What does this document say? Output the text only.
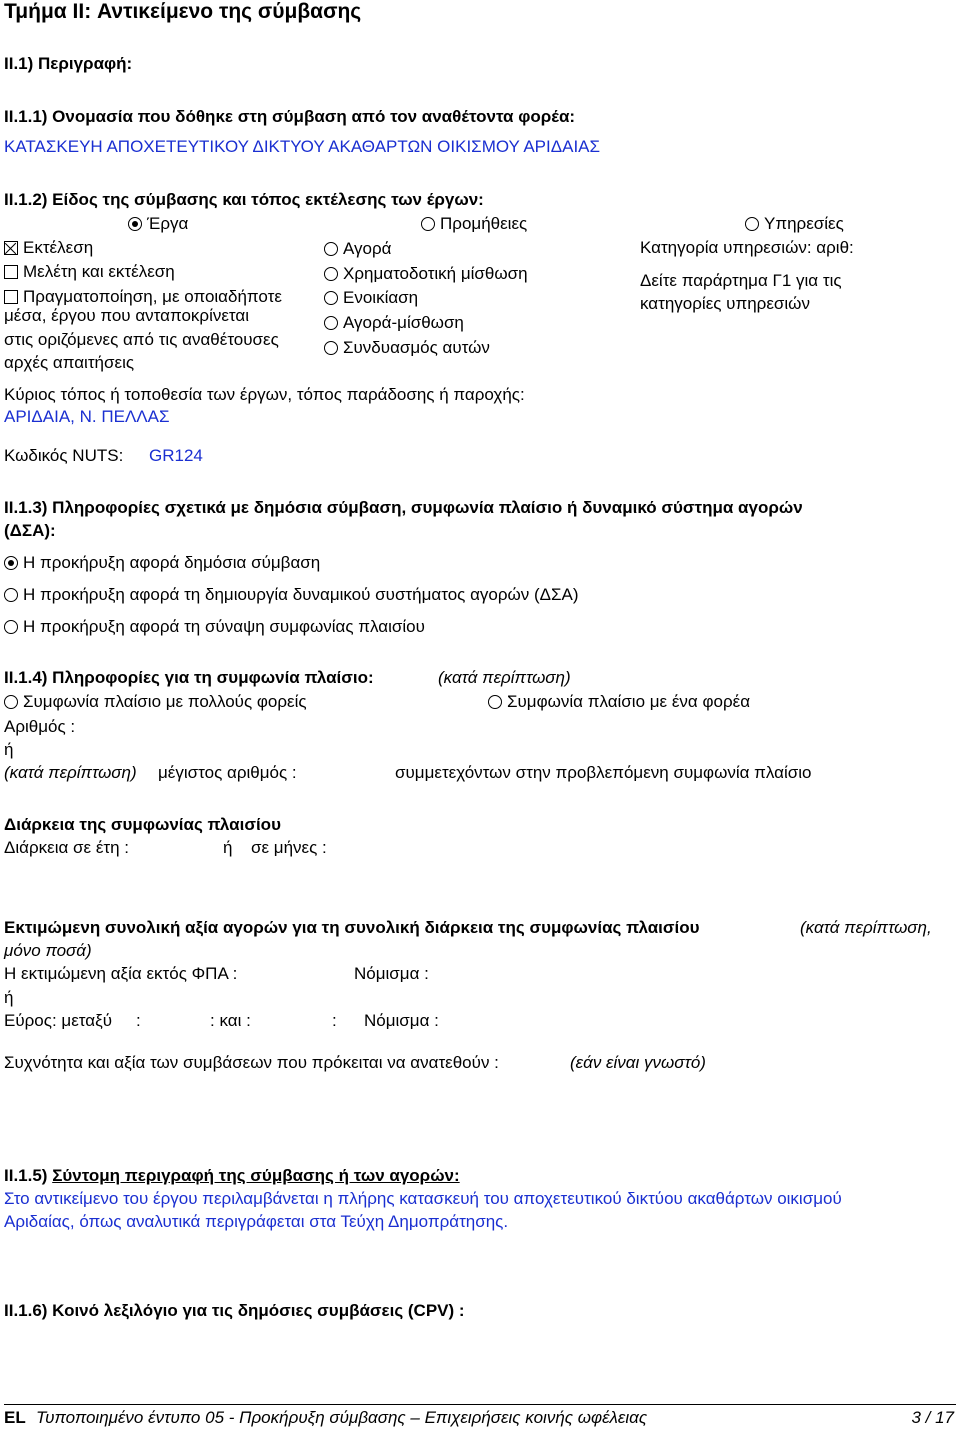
Τμήμα II: Αντικείμενο της σύμβασης
ΙΙ.1) Περιγραφή:
ΙΙ.1.1) Ονομασία που δόθηκε στη σύμβαση από τον αναθέτοντα φορέα:
ΚΑΤΑΣΚΕΥΗ ΑΠΟΧΕΤΕΥΤΙΚΟΥ ΔΙΚΤΥΟΥ ΑΚΑΘΑΡΤΩΝ ΟΙΚΙΣΜΟΥ ΑΡΙΔΑΙΑΣ
ΙΙ.1.2) Είδος της σύμβασης και τόπος εκτέλεσης των έργων:
Έργα	Προμήθειες	Υπηρεσίες
Εκτέλεση
Μελέτη και εκτέλεση
Πραγματοποίηση, με οποιαδήποτε
μέσα, έργου που ανταποκρίνεται
στις οριζόμενες από τις αναθέτουσες
αρχές απαιτήσεις
Αγορά
Χρηματοδοτική μίσθωση
Ενοικίαση
Αγορά-μίσθωση
Συνδυασμός αυτών
Κατηγορία υπηρεσιών: αριθ:
Δείτε παράρτημα Γ1 για τις
κατηγορίες υπηρεσιών
Κύριος τόπος ή τοποθεσία των έργων, τόπος παράδοσης ή παροχής:
ΑΡΙΔΑΙΑ, Ν. ΠΕΛΛΑΣ
Κωδικός NUTS: GR124
ΙΙ.1.3) Πληροφορίες σχετικά με δημόσια σύμβαση, συμφωνία πλαίσιο ή δυναμικό σύστημα αγορών
(ΔΣΑ):
Η προκήρυξη αφορά δημόσια σύμβαση
Η προκήρυξη αφορά τη δημιουργία δυναμικού συστήματος αγορών (ΔΣΑ)
Η προκήρυξη αφορά τη σύναψη συμφωνίας πλαισίου
ΙΙ.1.4) Πληροφορίες για τη συμφωνία πλαίσιο:	(κατά περίπτωση)
Συμφωνία πλαίσιο με πολλούς φορείς	Συμφωνία πλαίσιο με ένα φορέα
Αριθμός :
ή
(κατά περίπτωση) μέγιστος αριθμός :	συμμετεχόντων στην προβλεπόμενη συμφωνία πλαίσιο
Διάρκεια της συμφωνίας πλαισίου
Διάρκεια σε έτη :	ή σε μήνες :
Εκτιμώμενη συνολική αξία αγορών για τη συνολική διάρκεια της συμφωνίας πλαισίου	(κατά περίπτωση,
μόνο ποσά)
Η εκτιμώμενη αξία εκτός ΦΠΑ :	Νόμισμα :
ή
Εύρος: μεταξύ :	: και :	: Νόμισμα :
Συχνότητα και αξία των συμβάσεων που πρόκειται να ανατεθούν :	(εάν είναι γνωστό)
ΙΙ.1.5) Σύντομη περιγραφή της σύμβασης ή των αγορών:
Στο αντικείμενο του έργου περιλαμβάνεται η πλήρης κατασκευή του αποχετευτικού δικτύου ακαθάρτων οικισμού
Αριδαίας, όπως αναλυτικά περιγράφεται στα Τεύχη Δημοπράτησης.
ΙΙ.1.6) Κοινό λεξιλόγιο για τις δημόσιες συμβάσεις (CPV) :
EL Τυποποιημένο έντυπο 05 - Προκήρυξη σύμβασης – Επιχειρήσεις κοινής ωφέλειας	3 / 17
